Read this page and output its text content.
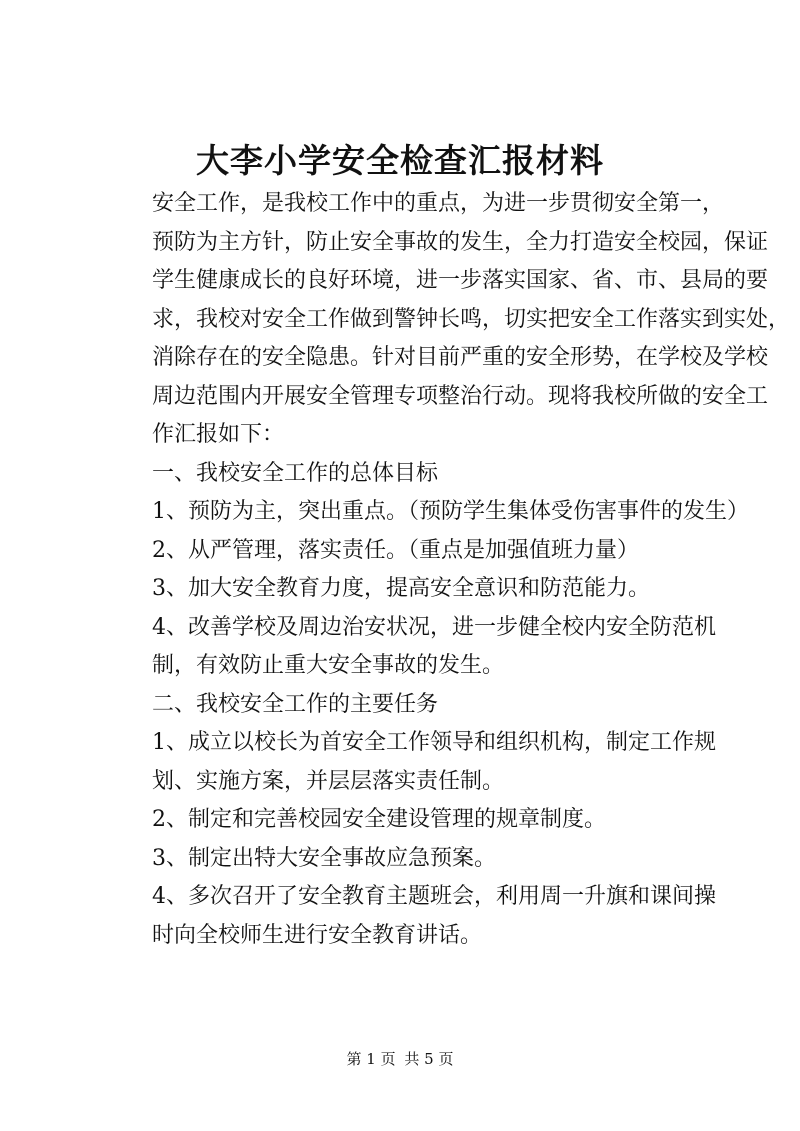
大李小学安全检查汇报材料

安全工作，是我校工作中的重点，为进一步贯彻安全第一，
预防为主方针，防止安全事故的发生，全力打造安全校园，保证
学生健康成长的良好环境，进一步落实国家、省、市、县局的要
求，我校对安全工作做到警钟长鸣，切实把安全工作落实到实处，
消除存在的安全隐患。针对目前严重的安全形势，在学校及学校
周边范围内开展安全管理专项整治行动。现将我校所做的安全工
作汇报如下：

一、我校安全工作的总体目标

1、预防为主，突出重点。（预防学生集体受伤害事件的发生）

2、从严管理，落实责任。（重点是加强值班力量）

3、加大安全教育力度，提高安全意识和防范能力。

4、改善学校及周边治安状况，进一步健全校内安全防范机
制，有效防止重大安全事故的发生。

二、我校安全工作的主要任务

1、成立以校长为首安全工作领导和组织机构，制定工作规
划、实施方案，并层层落实责任制。

2、制定和完善校园安全建设管理的规章制度。

3、制定出特大安全事故应急预案。

4、多次召开了安全教育主题班会，利用周一升旗和课间操
时向全校师生进行安全教育讲话。

第 1 页 共 5 页
